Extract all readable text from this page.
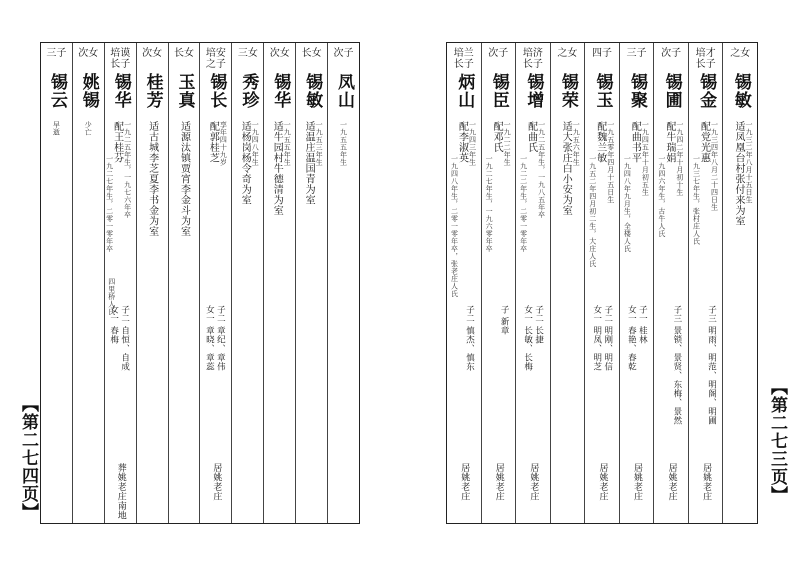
次子
凤山
一九五五年生
长女
锡敏
一九五三年生
适温庄温国青为室
次女
锡华
一九五五年生
适牛园村牛德清为室
三女
秀珍
一九四八年生
适杨岗杨令奇为室
培安
之子
锡长
享年四十九岁
配郭桂芝
子二 章纪、章伟
女一 章晓、章蕊
居姚老庄
长女
玉真
适源汰镇贾宵李金斗为室
次女
桂芳
适古城李芝夏李书金为室
培谟
长子
锡华
一九二五年生，一九七六年卒
配王桂芬
一九二七年生，二零一零年卒
四里桥人氏
子二 自恒、自成
女一 春梅
葬姚老庄南地
次女
姚锡
少亡
三子
锡云
早逝
【第二七四页】
之女
锡敏
一九三二年八月十五日生
适凤凰台村张付来为室
培才
长子
锡金
一九三四年八月二十四日生
配党光惠
一九三七年生，张村庄人氏
子三 明雨、明范、明阁、明圃
居姚老庄
次子
锡圃
一九四二年十月初十生
配牛瑞娟
一九四六年生，古牛人氏
子三 景锁、景贤、东梅、景然
居姚老庄
三子
锡聚
一九四五年十月初五生
配曲书平
一九四八年九月生，全楼人氏
子一 桂林
女一 春艳、春乾
居姚老庄
四子
锡玉
一九五零年四月十五日生
配魏兰敏
一九五二年四月初二生，大庄人氏
子二 明刚、明信
女一 明凤、明芝
居姚老庄
之女
锡荣
一九五六年生
适大张庄白小安为室
培济
长子
锡增
一九二五年生，一九八五年卒
配曲氏
一九二二年生，二零一零年卒
子二 长捷
女一 长敏、长梅
居姚老庄
次子
锡臣
一九二二年生
配邓氏
一九二七年生，一九六零年卒
子 新章
居姚老庄
培兰
长子
炳山
一九四三年生
配李淑英
一九四八年生，二零一零年卒，张老庄人氏
子二 慎杰、慎东
居姚老庄	【第二七三页】
